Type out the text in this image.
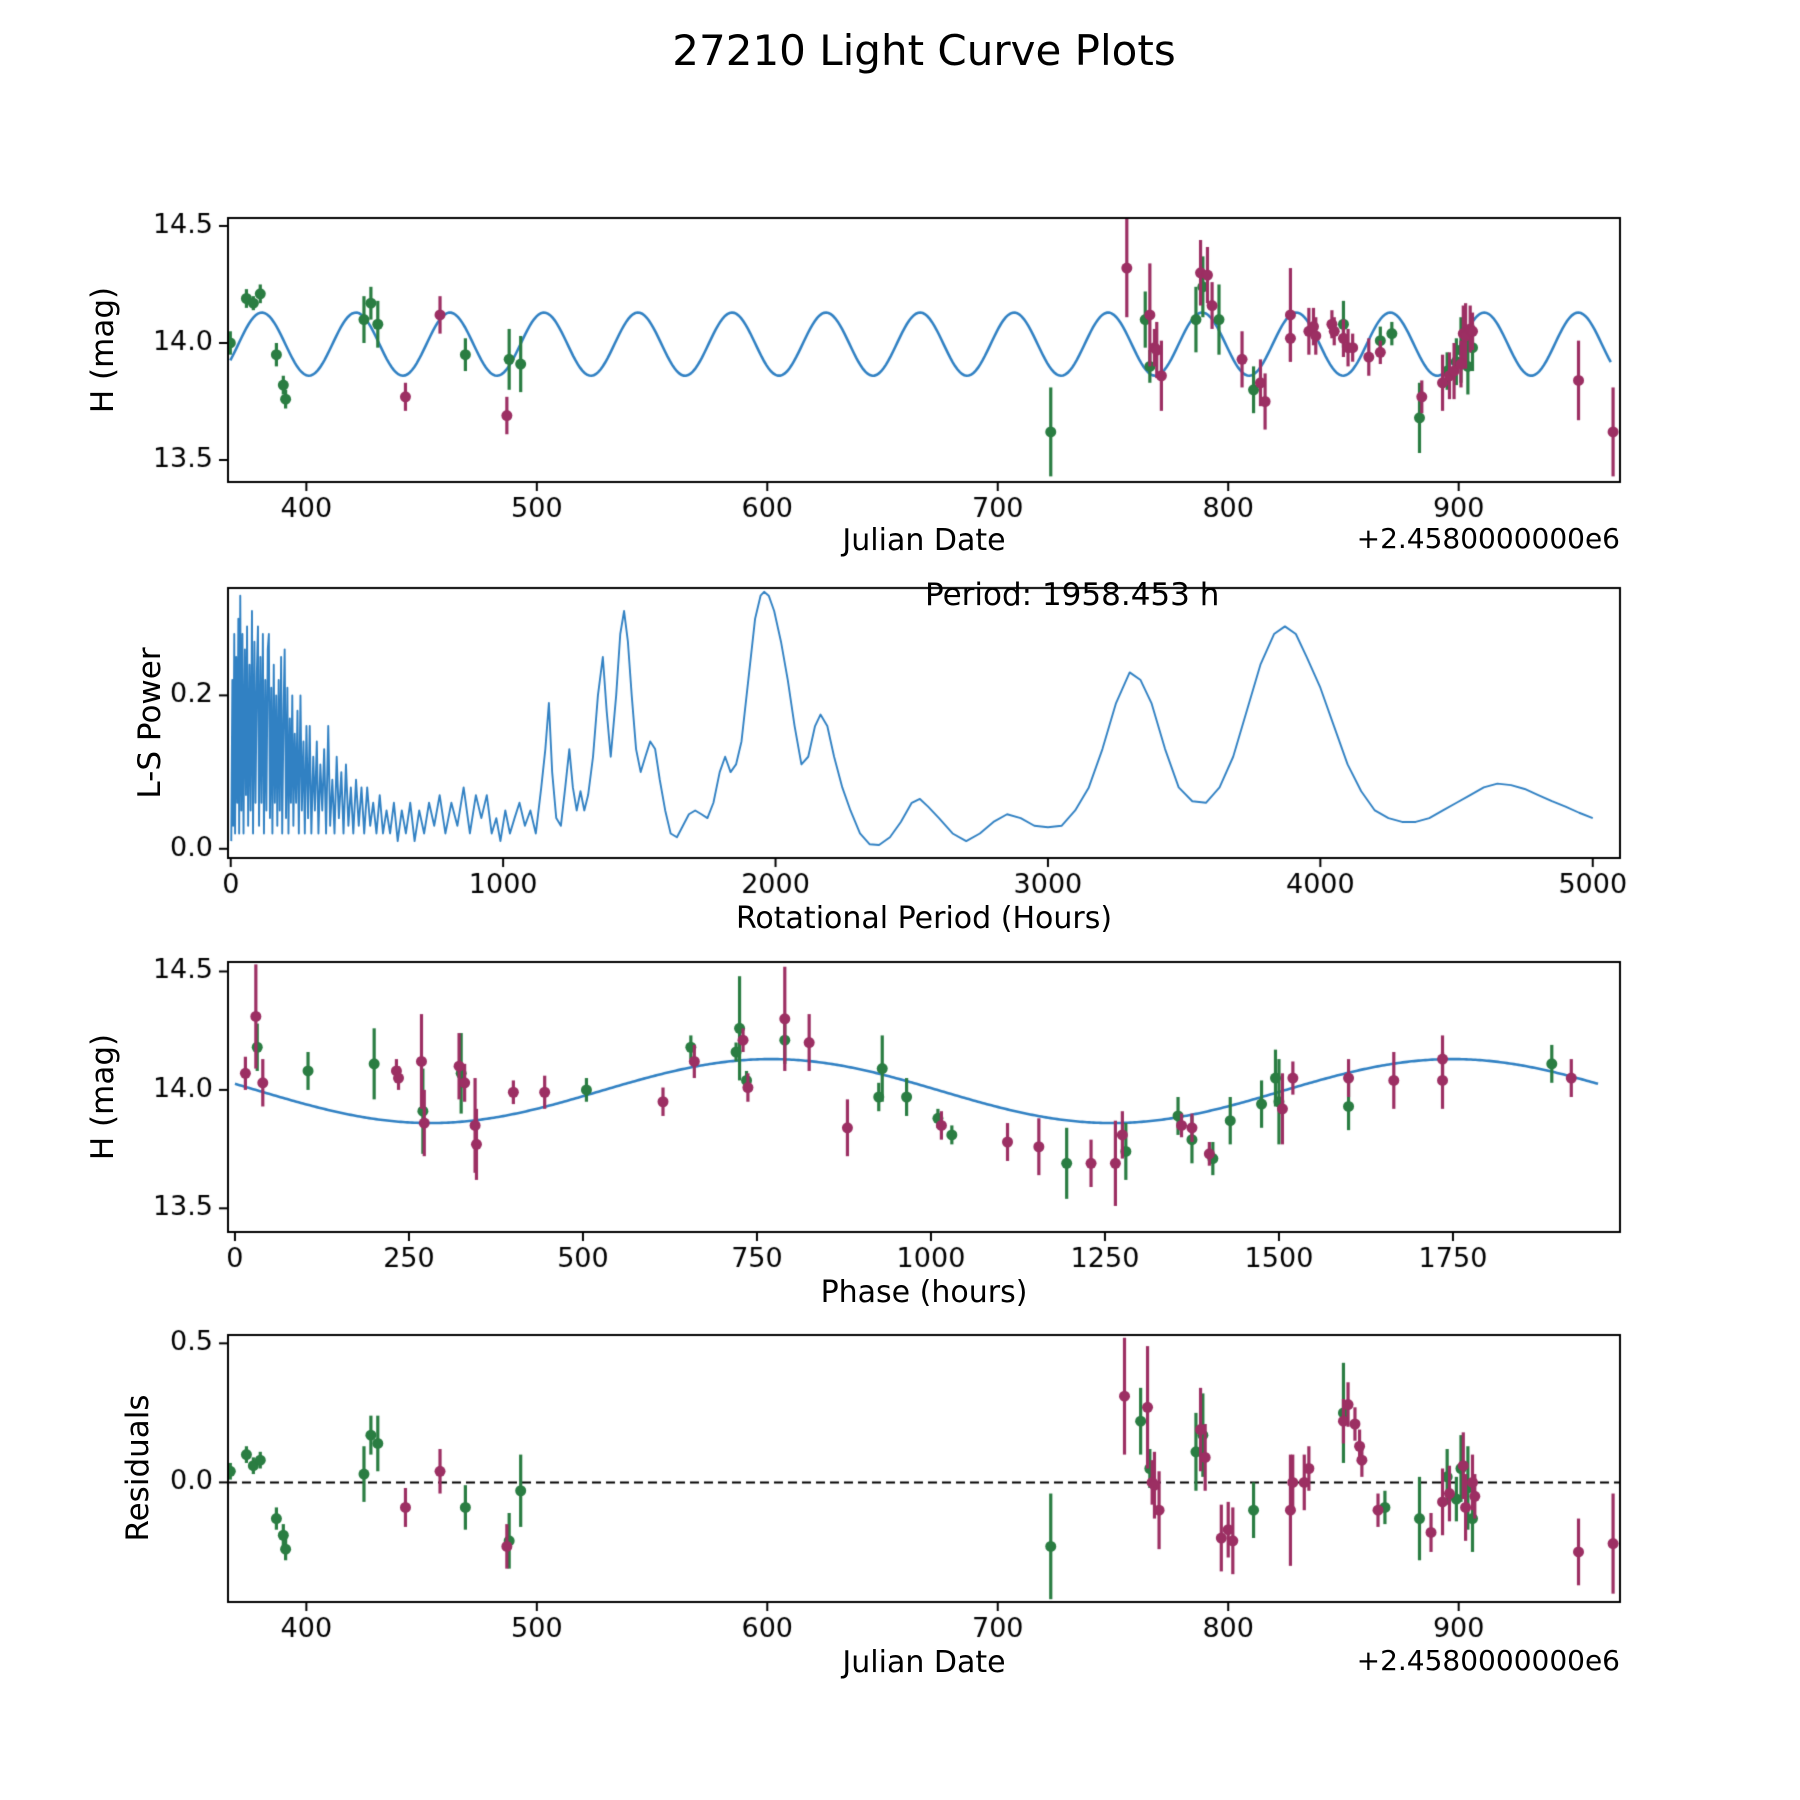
27210 Light Curve Plots
H (mag)
Julian Date	+2.4580000000e6
L-S Power
Rotational Period (Hours)
Period: 1958.453 h
H (mag)
Phase (hours)
Residuals
Julian Date	+2.4580000000e6
